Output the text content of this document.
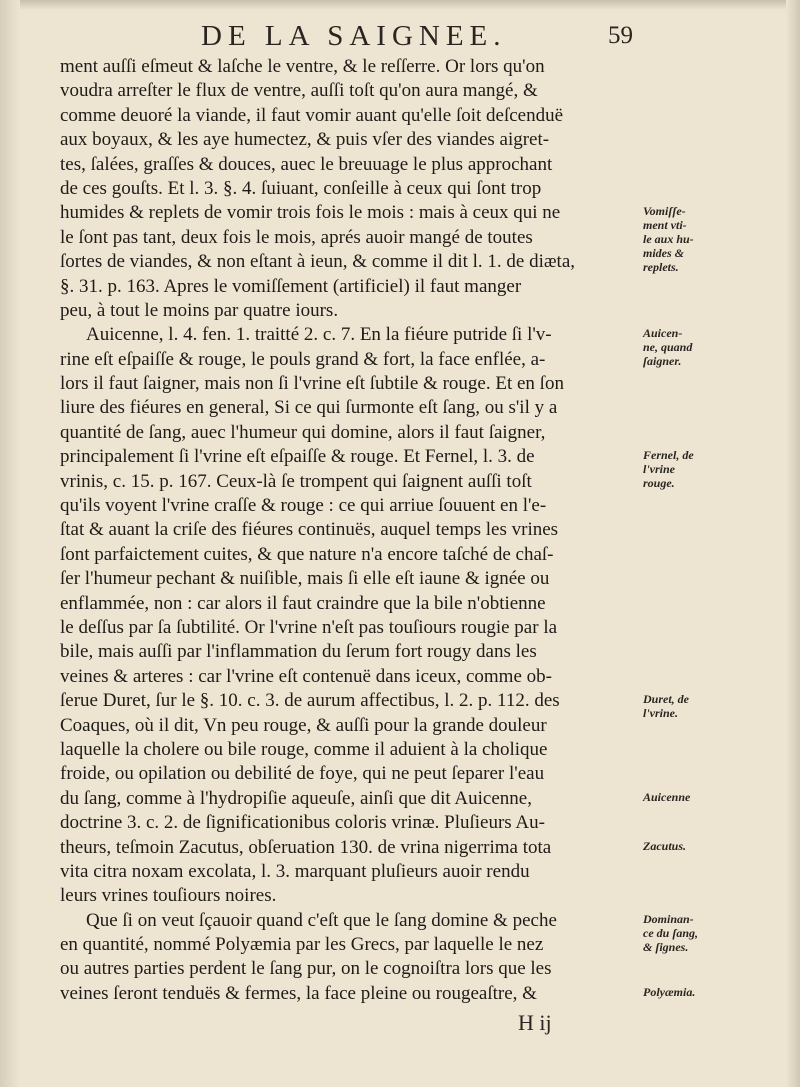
DE LA SAIGNEE.	59
ment auſſi eſmeut & laſche le ventre, & le reſſerre. Or lors qu'on
voudra arreſter le flux de ventre, auſſi toſt qu'on aura mangé, &
comme deuoré la viande, il faut vomir auant qu'elle ſoit deſcenduë
aux boyaux, & les aye humectez, & puis vſer des viandes aigret-
tes, ſalées, graſſes & douces, auec le breuuage le plus approchant
de ces gouſts. Et l. 3. §. 4. ſuiuant, conſeille à ceux qui ſont trop
humides & replets de vomir trois fois le mois : mais à ceux qui ne
le ſont pas tant, deux fois le mois, aprés auoir mangé de toutes
ſortes de viandes, & non eſtant à ieun, & comme il dit l. 1. de diæta,
§. 31. p. 163. Apres le vomiſſement (artificiel) il faut manger
peu, à tout le moins par quatre iours.
Auicenne, l. 4. fen. 1. traitté 2. c. 7. En la fiéure putride ſi l'v-
rine eſt eſpaiſſe & rouge, le pouls grand & fort, la face enflée, a-
lors il faut ſaigner, mais non ſi l'vrine eſt ſubtile & rouge. Et en ſon
liure des fiéures en general, Si ce qui ſurmonte eſt ſang, ou s'il y a
quantité de ſang, auec l'humeur qui domine, alors il faut ſaigner,
principalement ſi l'vrine eſt eſpaiſſe & rouge. Et Fernel, l. 3. de
vrinis, c. 15. p. 167. Ceux-là ſe trompent qui ſaignent auſſi toſt
qu'ils voyent l'vrine craſſe & rouge : ce qui arriue ſouuent en l'e-
ſtat & auant la criſe des fiéures continuës, auquel temps les vrines
ſont parfaictement cuites, & que nature n'a encore taſché de chaſ-
ſer l'humeur pechant & nuiſible, mais ſi elle eſt iaune & ignée ou
enflammée, non : car alors il faut craindre que la bile n'obtienne
le deſſus par ſa ſubtilité. Or l'vrine n'eſt pas touſiours rougie par la
bile, mais auſſi par l'inflammation du ſerum fort rougy dans les
veines & arteres : car l'vrine eſt contenuë dans iceux, comme ob-
ſerue Duret, ſur le §. 10. c. 3. de aurum affectibus, l. 2. p. 112. des
Coaques, où il dit, Vn peu rouge, & auſſi pour la grande douleur
laquelle la cholere ou bile rouge, comme il aduient à la cholique
froide, ou opilation ou debilité de foye, qui ne peut ſeparer l'eau
du ſang, comme à l'hydropiſie aqueuſe, ainſi que dit Auicenne,
doctrine 3. c. 2. de ſignificationibus coloris vrinæ. Pluſieurs Au-
theurs, teſmoin Zacutus, obſeruation 130. de vrina nigerrima tota
vita citra noxam excolata, l. 3. marquant pluſieurs auoir rendu
leurs vrines touſiours noires.
Que ſi on veut ſçauoir quand c'eſt que le ſang domine & peche
en quantité, nommé Polyæmia par les Grecs, par laquelle le nez
ou autres parties perdent le ſang pur, on le cognoiſtra lors que les
veines ſeront tenduës & fermes, la face pleine ou rougeaſtre, &
Vomiſſe-
ment vti-
le aux hu-
mides &
replets.
Auicen-
ne, quand
ſaigner.
Fernel, de
l'vrine
rouge.
Duret, de
l'vrine.
Auicenne
Zacutus.
Dominan-
ce du ſang,
& ſignes.
Polyæmia.
H ij
